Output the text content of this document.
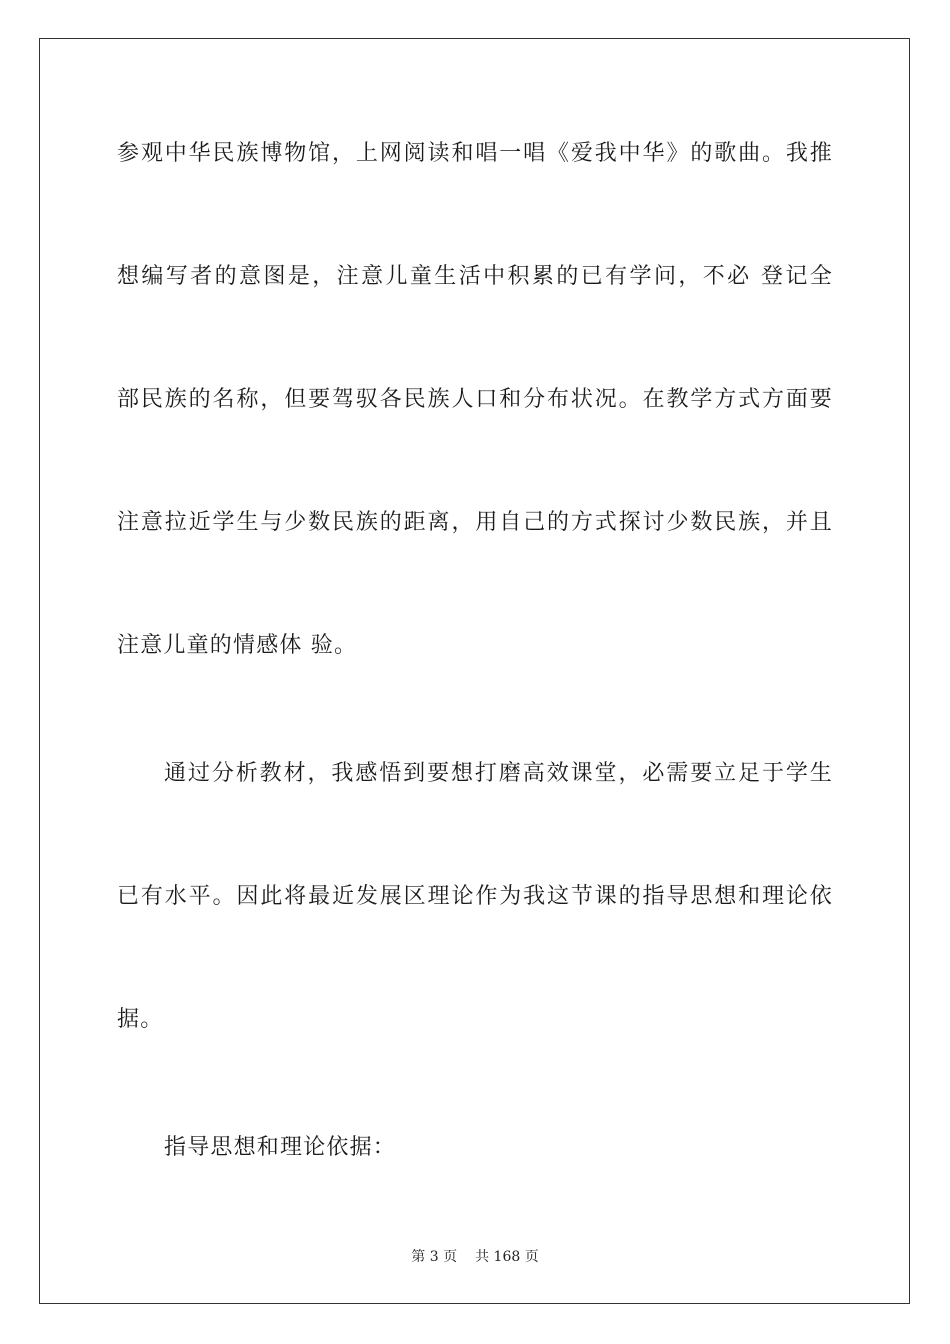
参观中华民族博物馆，上网阅读和唱一唱《爱我中华》的歌曲。我推
想编写者的意图是，注意儿童生活中积累的已有学问，不必 登记全
部民族的名称，但要驾驭各民族人口和分布状况。在教学方式方面要
注意拉近学生与少数民族的距离，用自己的方式探讨少数民族，并且
注意儿童的情感体 验。
通过分析教材，我感悟到要想打磨高效课堂，必需要立足于学生
已有水平。因此将最近发展区理论作为我这节课的指导思想和理论依
据。
指导思想和理论依据：
第 3 页 共 168 页
